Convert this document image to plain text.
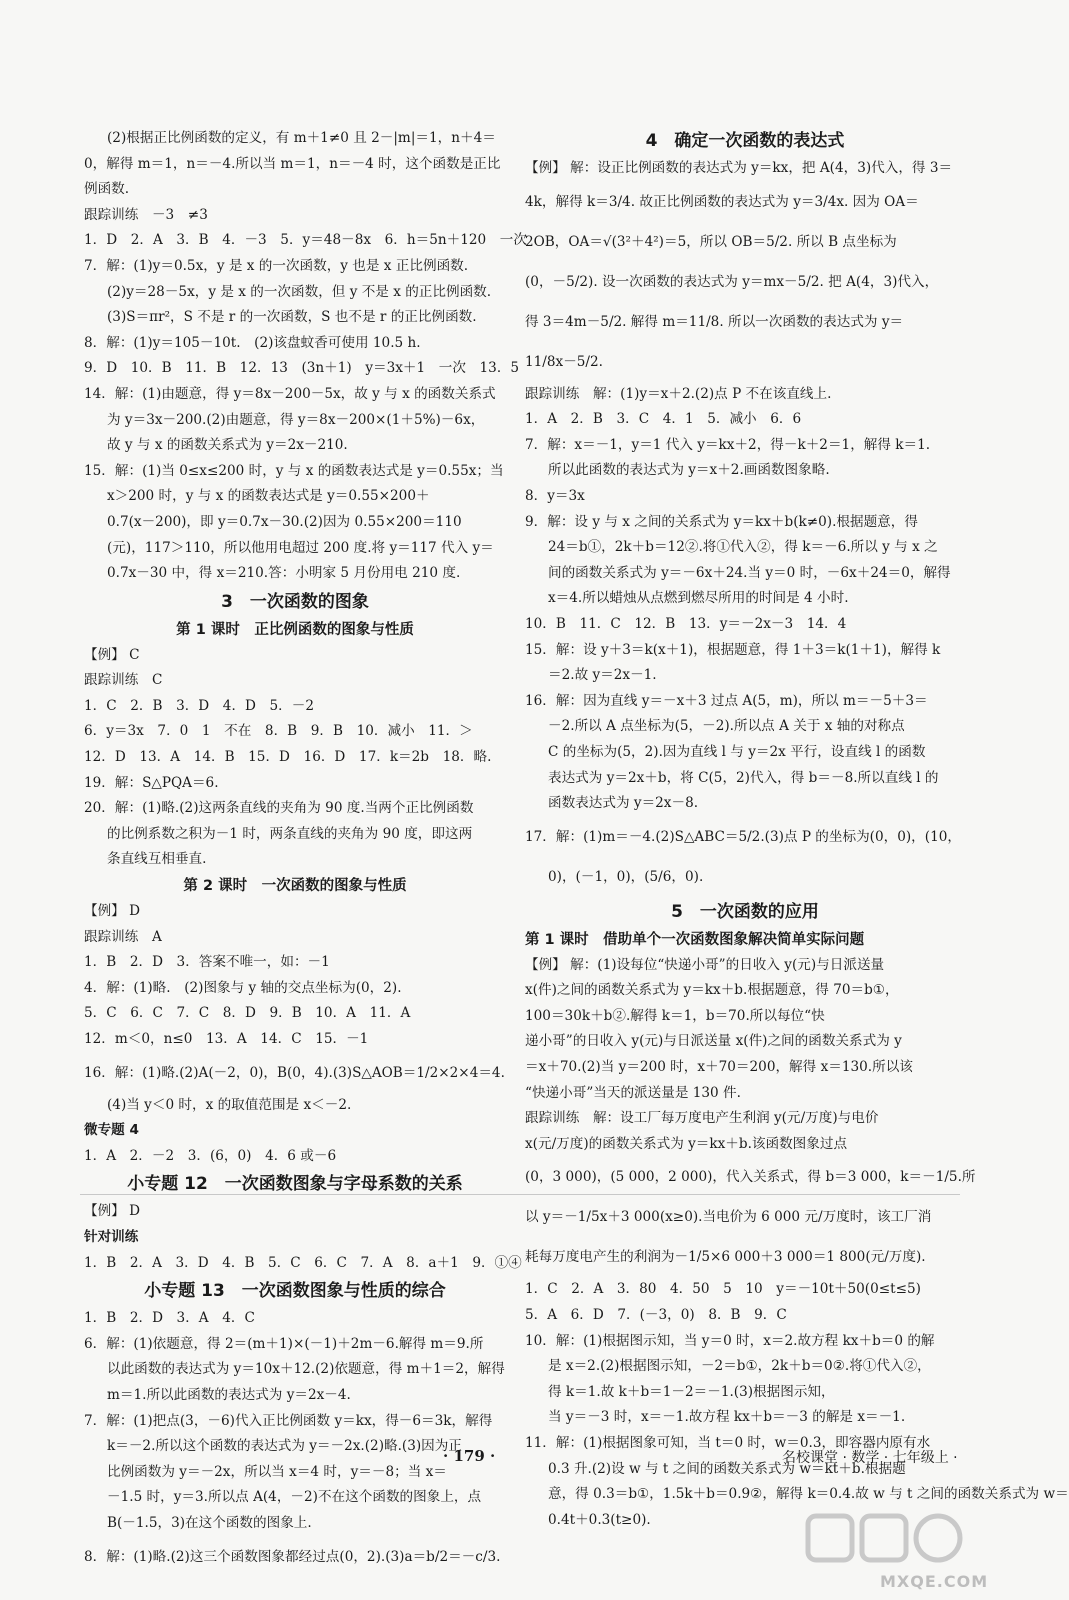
(2)根据正比例函数的定义，有 m＋1≠0 且 2－|m|＝1，n＋4＝
0，解得 m＝1，n＝－4.所以当 m＝1，n＝－4 时，这个函数是正比
例函数.
跟踪训练　－3　≠3
1．D　2．A　3．B　4．－3　5．y＝48－8x　6．h＝5n＋120　一次
7．解：(1)y＝0.5x，y 是 x 的一次函数，y 也是 x 正比例函数.
(2)y＝28－5x，y 是 x 的一次函数，但 y 不是 x 的正比例函数.
(3)S＝πr²，S 不是 r 的一次函数，S 也不是 r 的正比例函数.
8．解：(1)y＝105－10t.　(2)该盘蚊香可使用 10.5 h.
9．D　10．B　11．B　12．13　(3n＋1)　y＝3x＋1　一次　13．5
14．解：(1)由题意，得 y＝8x－200－5x，故 y 与 x 的函数关系式
为 y＝3x－200.(2)由题意，得 y＝8x－200×(1＋5%)－6x，
故 y 与 x 的函数关系式为 y＝2x－210.
15．解：(1)当 0≤x≤200 时，y 与 x 的函数表达式是 y＝0.55x；当
x＞200 时，y 与 x 的函数表达式是 y＝0.55×200＋
0.7(x－200)，即 y＝0.7x－30.(2)因为 0.55×200＝110
(元)，117＞110，所以他用电超过 200 度.将 y＝117 代入 y＝
0.7x－30 中，得 x＝210.答：小明家 5 月份用电 210 度.
3　一次函数的图象
第 1 课时　正比例函数的图象与性质
【例】 C
跟踪训练　C
1．C　2．B　3．D　4．D　5．－2
6．y＝3x　7．0　1　不在　8．B　9．B　10．减小　11．＞
12．D　13．A　14．B　15．D　16．D　17．k＝2b　18．略.
19．解：S△PQA＝6.
20．解：(1)略.(2)这两条直线的夹角为 90 度.当两个正比例函数
的比例系数之积为－1 时，两条直线的夹角为 90 度，即这两
条直线互相垂直.
第 2 课时　一次函数的图象与性质
【例】 D
跟踪训练　A
1．B　2．D　3．答案不唯一，如：－1
4．解：(1)略.　(2)图象与 y 轴的交点坐标为(0，2).
5．C　6．C　7．C　8．D　9．B　10．A　11．A
12．m＜0，n≤0　13．A　14．C　15．－1
16．解：(1)略.(2)A(－2，0)，B(0，4).(3)S△AOB＝1/2×2×4＝4.
(4)当 y＜0 时，x 的取值范围是 x＜－2.
微专题 4
1．A　2．－2　3．(6，0)　4．6 或－6
小专题 12　一次函数图象与字母系数的关系
【例】 D
针对训练
1．B　2．A　3．D　4．B　5．C　6．C　7．A　8．a＋1　9．①④
小专题 13　一次函数图象与性质的综合
1．B　2．D　3．A　4．C
6．解：(1)依题意，得 2＝(m＋1)×(－1)＋2m－6.解得 m＝9.所
以此函数的表达式为 y＝10x＋12.(2)依题意，得 m＋1＝2，解得
m＝1.所以此函数的表达式为 y＝2x－4.
7．解：(1)把点(3，－6)代入正比例函数 y＝kx，得－6＝3k，解得
k＝－2.所以这个函数的表达式为 y＝－2x.(2)略.(3)因为正
比例函数为 y＝－2x，所以当 x＝4 时，y＝－8；当 x＝
－1.5 时，y＝3.所以点 A(4，－2)不在这个函数的图象上，点
B(－1.5，3)在这个函数的图象上.
8．解：(1)略.(2)这三个函数图象都经过点(0，2).(3)a＝b/2＝－c/3.
4　确定一次函数的表达式
【例】 解：设正比例函数的表达式为 y＝kx，把 A(4，3)代入，得 3＝
4k，解得 k＝3/4. 故正比例函数的表达式为 y＝3/4x. 因为 OA＝
2OB，OA＝√(3²＋4²)＝5，所以 OB＝5/2. 所以 B 点坐标为
(0，－5/2). 设一次函数的表达式为 y＝mx－5/2. 把 A(4，3)代入，
得 3＝4m－5/2. 解得 m＝11/8. 所以一次函数的表达式为 y＝
11/8x－5/2.
跟踪训练　解：(1)y＝x＋2.(2)点 P 不在该直线上.
1．A　2．B　3．C　4．1　5．减小　6．6
7．解：x＝－1，y＝1 代入 y＝kx＋2，得－k＋2＝1，解得 k＝1.
所以此函数的表达式为 y＝x＋2.画函数图象略.
8．y＝3x
9．解：设 y 与 x 之间的关系式为 y＝kx＋b(k≠0).根据题意，得
24＝b①，2k＋b＝12②.将①代入②，得 k＝－6.所以 y 与 x 之
间的函数关系式为 y＝－6x＋24.当 y＝0 时，－6x＋24＝0，解得
x＝4.所以蜡烛从点燃到燃尽所用的时间是 4 小时.
10．B　11．C　12．B　13．y＝－2x－3　14．4
15．解：设 y＋3＝k(x＋1)，根据题意，得 1＋3＝k(1＋1)，解得 k
＝2.故 y＝2x－1.
16．解：因为直线 y＝－x＋3 过点 A(5，m)，所以 m＝－5＋3＝
－2.所以 A 点坐标为(5，－2).所以点 A 关于 x 轴的对称点
C 的坐标为(5，2).因为直线 l 与 y＝2x 平行，设直线 l 的函数
表达式为 y＝2x＋b，将 C(5，2)代入，得 b＝－8.所以直线 l 的
函数表达式为 y＝2x－8.
17．解：(1)m＝－4.(2)S△ABC＝5/2.(3)点 P 的坐标为(0，0)，(10，
0)，(－1，0)，(5/6，0).
5　一次函数的应用
第 1 课时　借助单个一次函数图象解决简单实际问题
【例】 解：(1)设每位“快递小哥”的日收入 y(元)与日派送量
x(件)之间的函数关系式为 y＝kx＋b.根据题意，得 70＝b①，
100＝30k＋b②.解得 k＝1，b＝70.所以每位“快
递小哥”的日收入 y(元)与日派送量 x(件)之间的函数关系式为 y
＝x＋70.(2)当 y＝200 时，x＋70＝200，解得 x＝130.所以该
“快递小哥”当天的派送量是 130 件.
跟踪训练　解：设工厂每万度电产生利润 y(元/万度)与电价
x(元/万度)的函数关系式为 y＝kx＋b.该函数图象过点
(0，3 000)，(5 000，2 000)，代入关系式，得 b＝3 000，k＝－1/5.所
以 y＝－1/5x＋3 000(x≥0).当电价为 6 000 元/万度时，该工厂消
耗每万度电产生的利润为－1/5×6 000＋3 000＝1 800(元/万度).
1．C　2．A　3．80　4．50　5　10　y＝－10t＋50(0≤t≤5)
5．A　6．D　7．(－3，0)　8．B　9．C
10．解：(1)根据图示知，当 y＝0 时，x＝2.故方程 kx＋b＝0 的解
是 x＝2.(2)根据图示知，－2＝b①，2k＋b＝0②.将①代入②，
得 k＝1.故 k＋b＝1－2＝－1.(3)根据图示知，
当 y＝－3 时，x＝－1.故方程 kx＋b＝－3 的解是 x＝－1.
11．解：(1)根据图象可知，当 t＝0 时，w＝0.3，即容器内原有水
0.3 升.(2)设 w 与 t 之间的函数关系式为 w＝kt＋b.根据题
意，得 0.3＝b①，1.5k＋b＝0.9②，解得 k＝0.4.故 w 与 t 之间的函数关系式为 w＝
0.4t＋0.3(t≥0).
· 179 ·	名校课堂 · 数学 · 七年级上 ·
MXQE.COM
